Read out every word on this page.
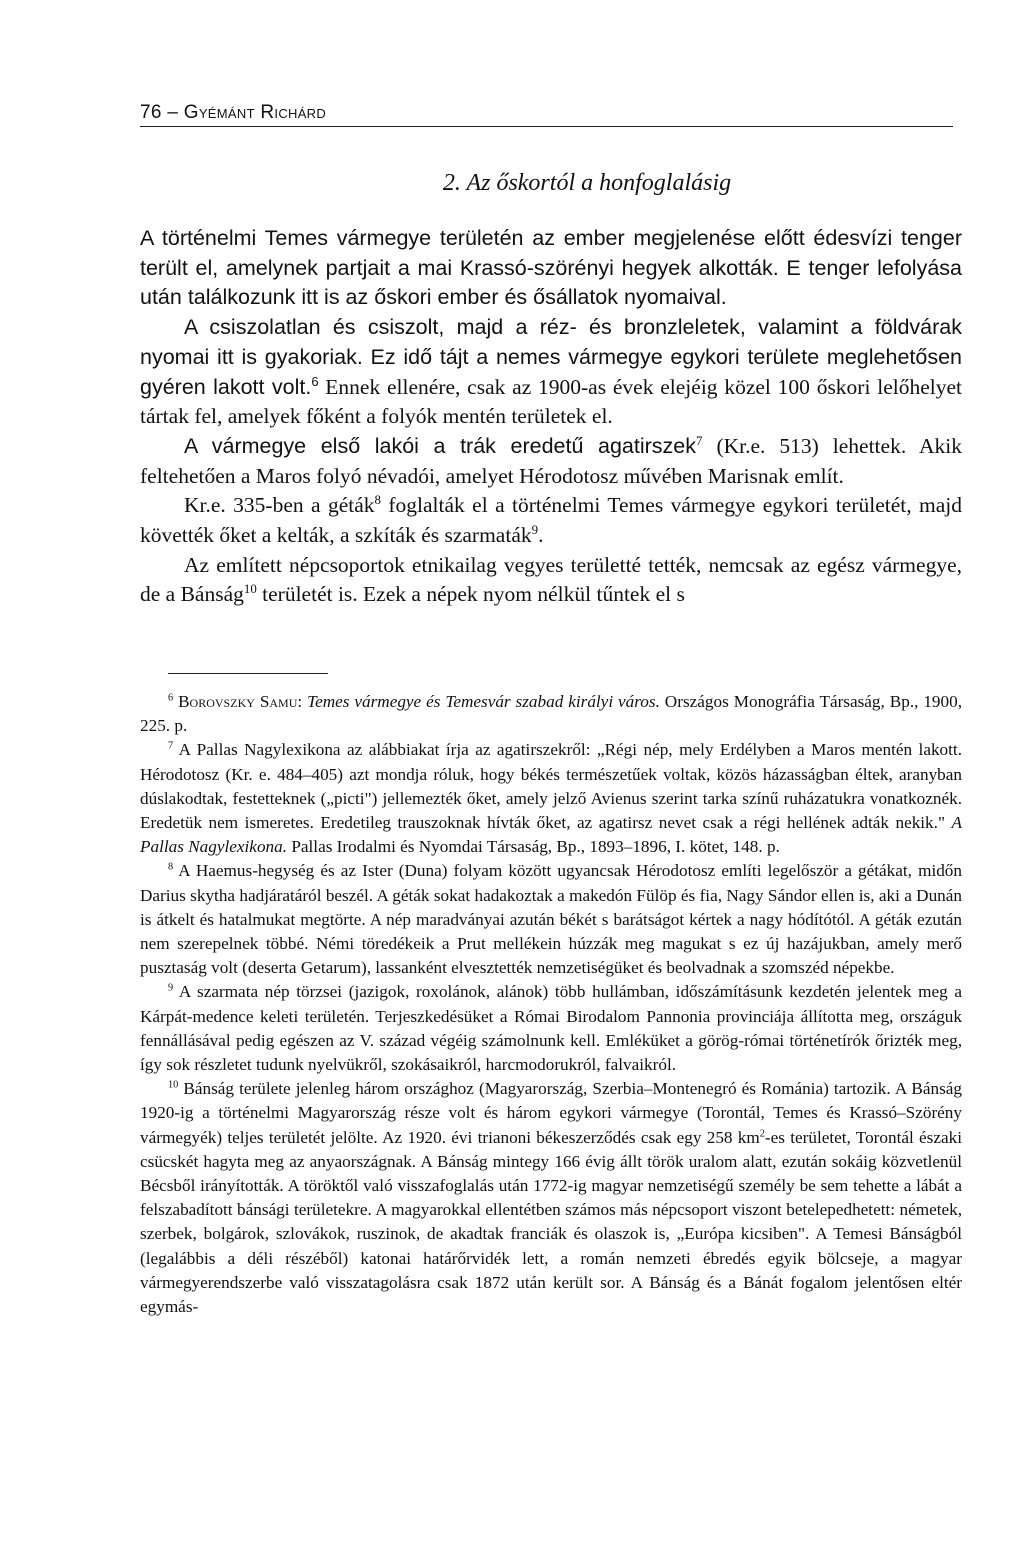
76 – Gyémánt Richárd
2. Az őskortól a honfoglalásig

A történelmi Temes vármegye területén az ember megjelenése előtt édesvízi tenger terült el, amelynek partjait a mai Krassó-szörényi hegyek alkották. E tenger lefolyása után találkozunk itt is az őskori ember és ősállatok nyomaival.

A csiszolatlan és csiszolt, majd a réz- és bronzleletek, valamint a földvárak nyomai itt is gyakoriak. Ez idő tájt a nemes vármegye egykori területe meglehetősen gyéren lakott volt.$^6$ Ennek ellenére, csak az 1900-as évek elejéig közel 100 őskori lelőhelyet tártak fel, amelyek főként a folyók mentén területek el.

A vármegye első lakói a trák eredetű agatirszek$^7$ (Kr.e. 513) lehettek. Akik feltehetően a Maros folyó névadói, amelyet Hérodotosz művében Marisnak említ.

Kr.e. 335-ben a géták$^8$ foglalták el a történelmi Temes vármegye egykori területét, majd követték őket a kelták, a szkíták és szarmaták$^9$.

Az említett népcsoportok etnikailag vegyes területté tették, nemcsak az egész vármegye, de a Bánság$^{10}$ területét is. Ezek a népek nyom nélkül tűntek el s

$^6$ Borovszky Samu: Temes vármegye és Temesvár szabad királyi város. Országos Monográfia Társaság, Bp., 1900, 225. p.

$^7$ A Pallas Nagylexikona az alábbiakat írja az agatirszekről: „Régi nép, mely Erdélyben a Maros mentén lakott. Hérodotosz (Kr. e. 484–405) azt mondja róluk, hogy békés természetűek voltak, közös házasságban éltek, aranyban dúslakodtak, festetteknek („picti") jellemezték őket, amely jelző Avienus szerint tarka színű ruházatukra vonatkoznék. Eredetük nem ismeretes. Eredetileg trauszoknak hívták őket, az agatirsz nevet csak a régi hellének adták nekik." A Pallas Nagylexikona. Pallas Irodalmi és Nyomdai Társaság, Bp., 1893–1896, I. kötet, 148. p.

$^8$ A Haemus-hegység és az Ister (Duna) folyam között ugyancsak Hérodotosz említi legelőször a gétákat, midőn Darius skytha hadjáratáról beszél. A géták sokat hadakoztak a makedón Fülöp és fia, Nagy Sándor ellen is, aki a Dunán is átkelt és hatalmukat megtörte. A nép maradványai azután békét s barátságot kértek a nagy hódítótól. A géták ezután nem szerepelnek többé. Némi töredékeik a Prut mellékein húzzák meg magukat s ez új hazájukban, amely merő pusztaság volt (deserta Getarum), lassanként elvesztették nemzetiségüket és beolvadnak a szomszéd népekbe.

$^9$ A szarmata nép törzsei (jazigok, roxolánok, alánok) több hullámban, időszámításunk kezdetén jelentek meg a Kárpát-medence keleti területén. Terjeszkedésüket a Római Birodalom Pannonia provinciája állította meg, országuk fennállásával pedig egészen az V. század végéig számolnunk kell. Emléküket a görög-római történetírók őrizték meg, így sok részletet tudunk nyelvükről, szokásaikról, harcmodorukról, falvaikról.

$^{10}$ Bánság területe jelenleg három országhoz (Magyarország, Szerbia–Montenegró és Románia) tartozik. A Bánság 1920-ig a történelmi Magyarország része volt és három egykori vármegye (Torontál, Temes és Krassó–Szörény vármegyék) teljes területét jelölte. Az 1920. évi trianoni békeszerződés csak egy 258 $km^2-es$ területet, Torontál északi csücskét hagyta meg az anyaországnak. A Bánság mintegy 166 évig állt török uralom alatt, ezután sokáig közvetlenül Bécsből irányították. A töröktől való visszafoglalás után 1772-ig magyar nemzetiségű személy be sem tehette a lábát a felszabadított bánsági területekre. A magyarokkal ellentétben számos más népcsoport viszont betelepedhetett: németek, szerbek, bolgárok, szlovákok, ruszinok, de akadtak franciák és olaszok is, „Európa kicsiben". A Temesi Bánságból (legalábbis a déli részéből) katonai határőrvidék lett, a román nemzeti ébredés egyik bölcseje, a magyar vármegyerendszerbe való visszatagolásra csak 1872 után került sor. A Bánság és a Bánát fogalom jelentősen eltér egymás-
